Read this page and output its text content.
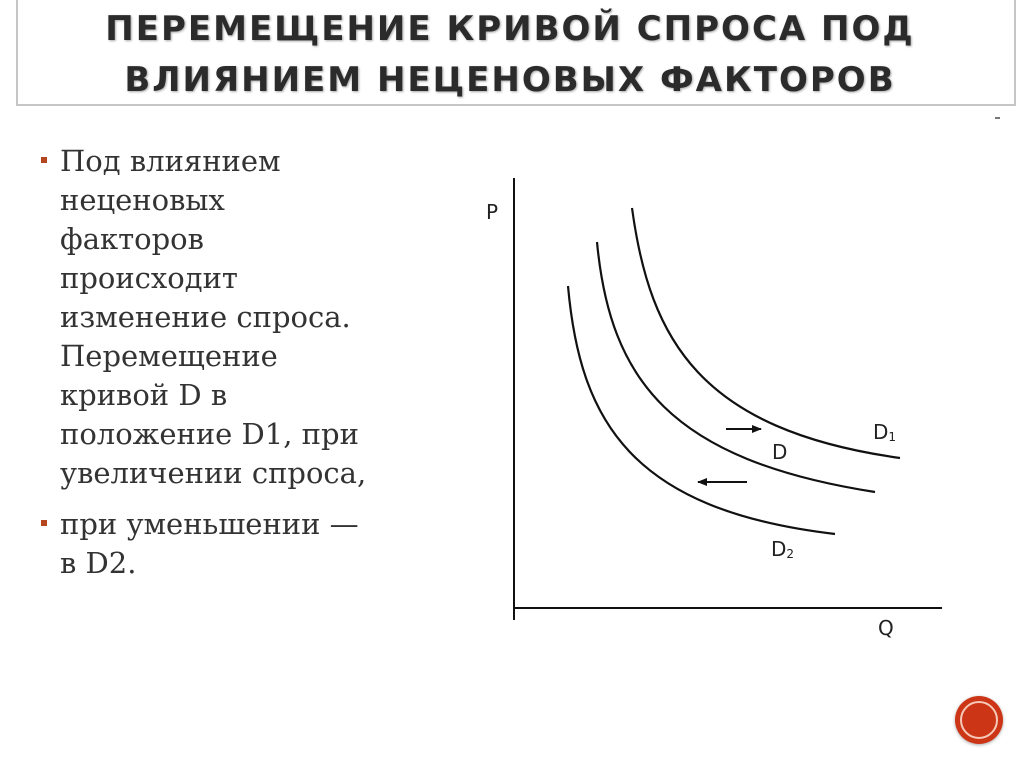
ПЕРЕМЕЩЕНИЕ КРИВОЙ СПРОСА ПОД
ВЛИЯНИЕМ НЕЦЕНОВЫХ ФАКТОРОВ
Под влиянием
неценовых
факторов
происходит
изменение спроса.
Перемещение
кривой D в
положение D1, при
увеличении спроса,
при уменьшении —
в D2.
P
Q
$D_1$
D
$D_2$
